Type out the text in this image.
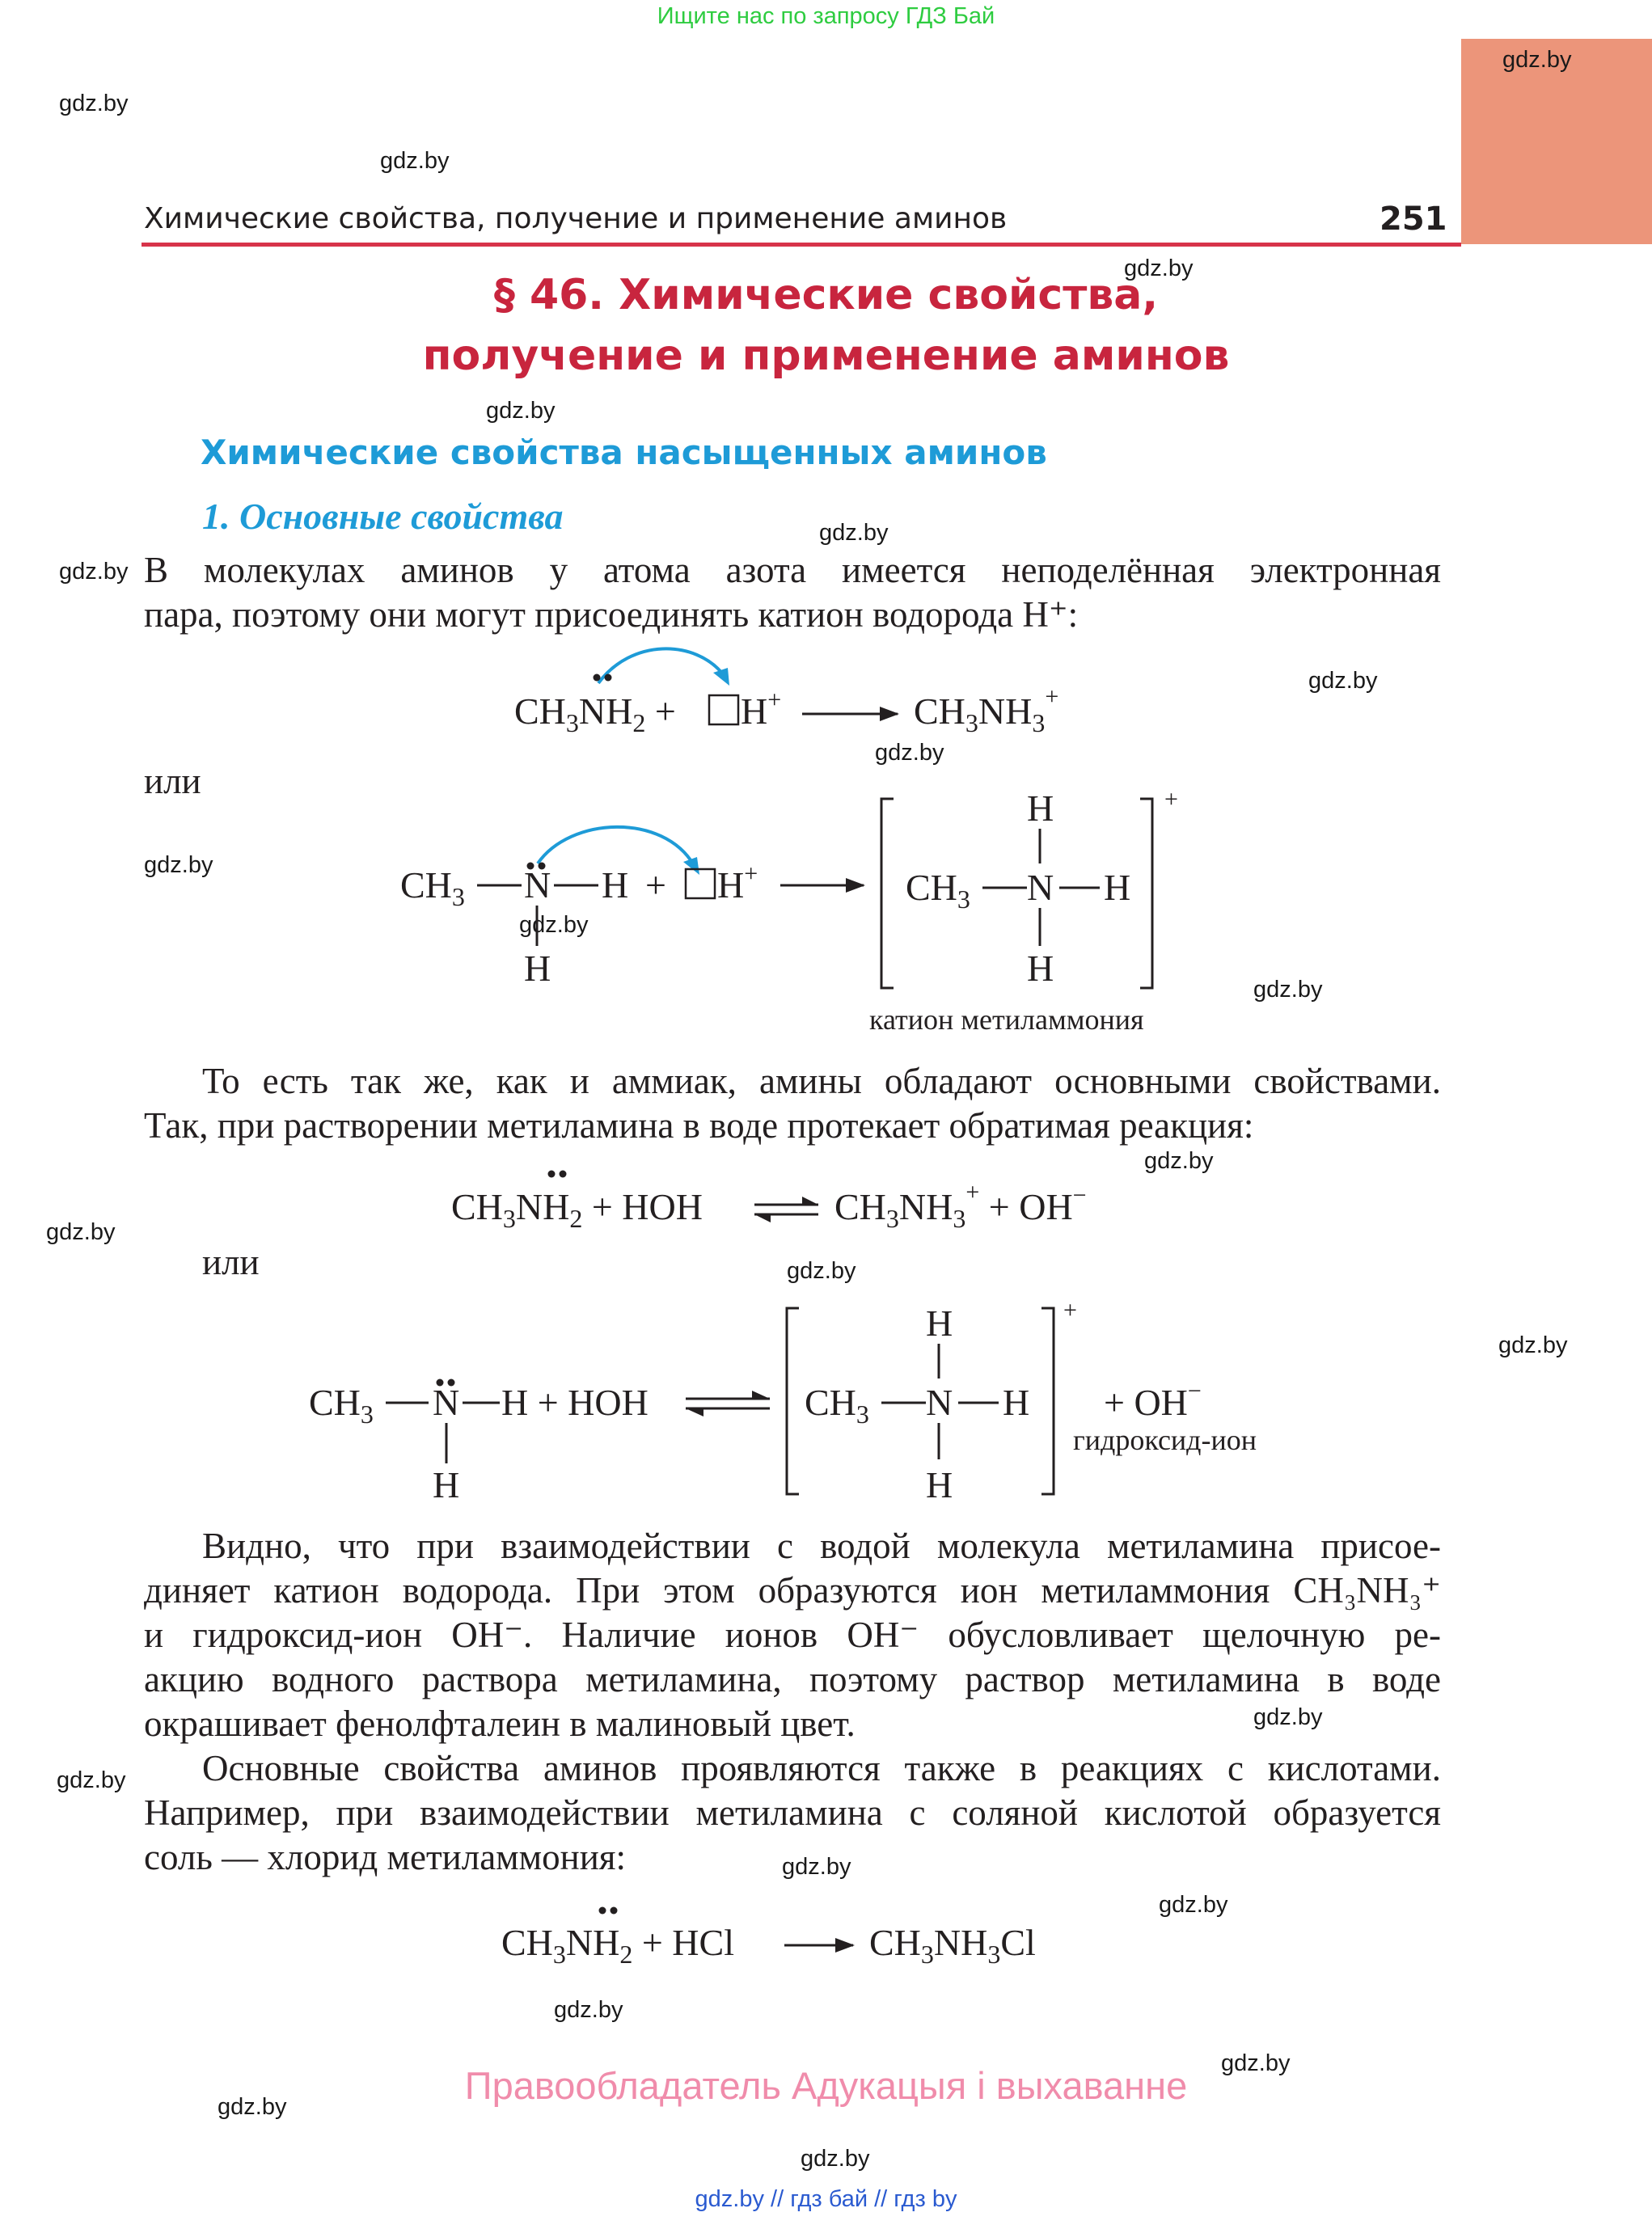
Ищите нас по запросу ГДЗ Бай
gdz.by
gdz.by
gdz.by
gdz.by
gdz.by
gdz.by
gdz.by
gdz.by
gdz.by
gdz.by
gdz.by
gdz.by
gdz.by
gdz.by
gdz.by
gdz.by
gdz.by
gdz.by
gdz.by
gdz.by
gdz.by
gdz.by
gdz.by
gdz.by
Химические свойства, получение и применение аминов	251
§ 46. Химические свойства,
получение и применение аминов
Химические свойства насыщенных аминов
1. Основные свойства
В молекулах аминов у атома азота имеется неподелённая электронная
пара, поэтому они могут присоединять катион водорода H⁺:
$CH_3NH_2 + H^+$	$CH_3NH_3^+$
или
$CH_3$ N H
H
+ H+	$CH_3$ N H
H
H
+
катион метиламмония
То есть так же, как и аммиак, амины обладают основными свойствами.
Так, при растворении метиламина в воде протекает обратимая реакция:
$CH_3NH_2$ + HOH	$CH_3NH_3^+ + OH^-$
или
$CH_3$ N H + HOH
H
$CH_3$ N H
H
H
+
+ OH−
гидроксид-ион
Видно, что при взаимодействии с водой молекула метиламина присое-
диняет катион водорода. При этом образуются ион метиламмония CH₃NH₃⁺
и гидроксид-ион OH⁻. Наличие ионов OH⁻ обусловливает щелочную ре-
акцию водного раствора метиламина, поэтому раствор метиламина в воде
окрашивает фенолфталеин в малиновый цвет.
Основные свойства аминов проявляются также в реакциях с кислотами.
Например, при взаимодействии метиламина с соляной кислотой образуется
соль — хлорид метиламмония:
$CH_3NH_2$ + HCl	$CH_3NH_3Cl$
Правообладатель Адукацыя і выхаванне
gdz.by // гдз бай // гдз by
